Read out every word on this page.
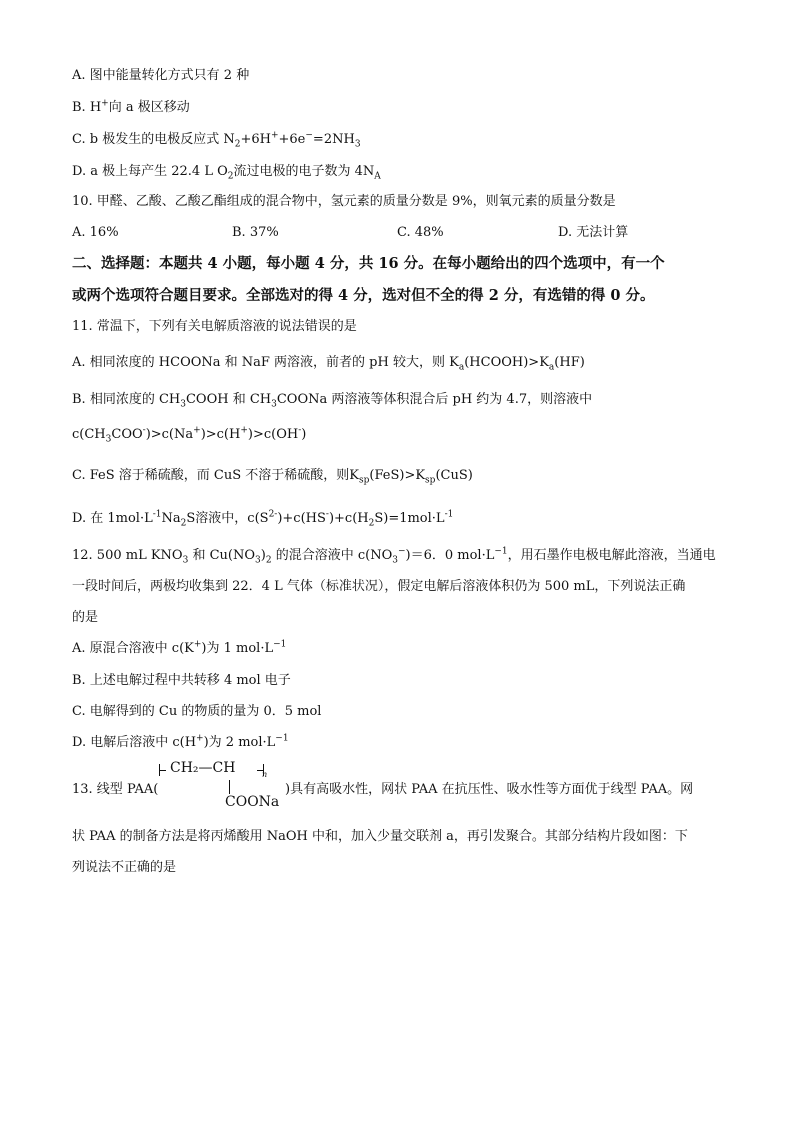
A. 图中能量转化方式只有 2 种
B. H+向 a 极区移动
C. b 极发生的电极反应式 $N_2+6H^++6e^-=2NH_3$
D. a 极上每产生 22.4 L $O_2$流过电极的电子数为 $4N_A$
10. 甲醛、乙酸、乙酸乙酯组成的混合物中，氢元素的质量分数是 9%，则氧元素的质量分数是
A. 16%	B. 37%	C. 48%	D. 无法计算
二、选择题：本题共 4 小题，每小题 4 分，共 16 分。在每小题给出的四个选项中，有一个
或两个选项符合题目要求。全部选对的得 4 分，选对但不全的得 2 分，有选错的得 0 分。
11. 常温下，下列有关电解质溶液的说法错误的是
A. 相同浓度的 HCOONa 和 NaF 两溶液，前者的 pH 较大，则 $K_a(HCOOH)>K_a(HF)$
B. 相同浓度的 $CH_3COOH$ 和 $CH_3COONa$ 两溶液等体积混合后 pH 约为 4.7，则溶液中
$c(CH_3COO^-)>c(Na^+)>c(H^+)>c(OH^-)$
C. FeS 溶于稀硫酸，而 CuS 不溶于稀硫酸，则$K_{sp}(FeS)>K_{sp}(CuS)$
D. 在 $1mol\cdot L^{-1}Na_2S$溶液中，$c(S^{2-})+c(HS^-)+c(H_2S)=1mol\cdot L^{-1}$
12. 500 mL $KNO_3$ 和 $Cu(NO_3)_2$ 的混合溶液中 $c(NO_3^-)=6$．0 $mol\cdot L^{-1}$，用石墨作电极电解此溶液，当通电
一段时间后，两极均收集到 22．4 L 气体（标准状况），假定电解后溶液体积仍为 500 mL，下列说法正确
的是
A. 原混合溶液中 c(K+)为 1 $mol\cdot L^{-1}$
B. 上述电解过程中共转移 4 mol 电子
C. 电解得到的 Cu 的物质的量为 0．5 mol
D. 电解后溶液中 c(H+)为 2 $mol\cdot L^{-1}$
13. 线型 PAA(
CH₂—CH	n
COONa
)具有高吸水性，网状 PAA 在抗压性、吸水性等方面优于线型 PAA。网
状 PAA 的制备方法是将丙烯酸用 NaOH 中和，加入少量交联剂 a，再引发聚合。其部分结构片段如图：下
列说法不正确的是
